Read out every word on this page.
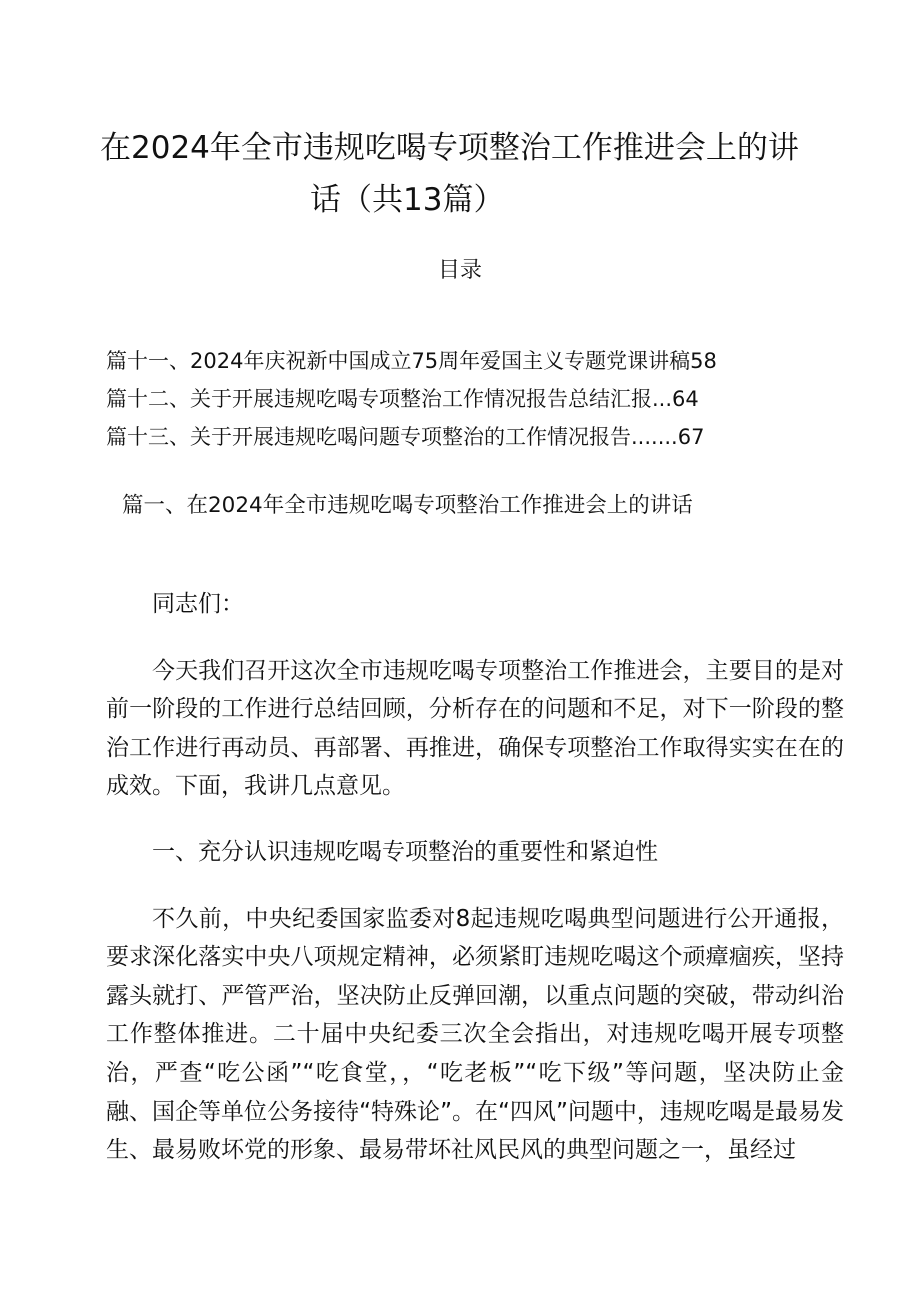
在2024年全市违规吃喝专项整治工作推进会上的讲
话（共13篇）
目录
篇十一、2024年庆祝新中国成立75周年爱国主义专题党课讲稿58
篇十二、关于开展违规吃喝专项整治工作情况报告总结汇报...64
篇十三、关于开展违规吃喝问题专项整治的工作情况报告.......67
篇一、在2024年全市违规吃喝专项整治工作推进会上的讲话

同志们：

今天我们召开这次全市违规吃喝专项整治工作推进会，主要目的是对前一阶段的工作进行总结回顾，分析存在的问题和不足，对下一阶段的整治工作进行再动员、再部署、再推进，确保专项整治工作取得实实在在的成效。下面，我讲几点意见。

一、充分认识违规吃喝专项整治的重要性和紧迫性

不久前，中央纪委国家监委对8起违规吃喝典型问题进行公开通报，要求深化落实中央八项规定精神，必须紧盯违规吃喝这个顽瘴痼疾，坚持露头就打、严管严治，坚决防止反弹回潮，以重点问题的突破，带动纠治工作整体推进。二十届中央纪委三次全会指出，对违规吃喝开展专项整治，严查“吃公函”“吃食堂，，“吃老板”“吃下级”等问题，坚决防止金融、国企等单位公务接待“特殊论”。在“四风”问题中，违规吃喝是最易发生、最易败坏党的形象、最易带坏社风民风的典型问题之一，虽经过
